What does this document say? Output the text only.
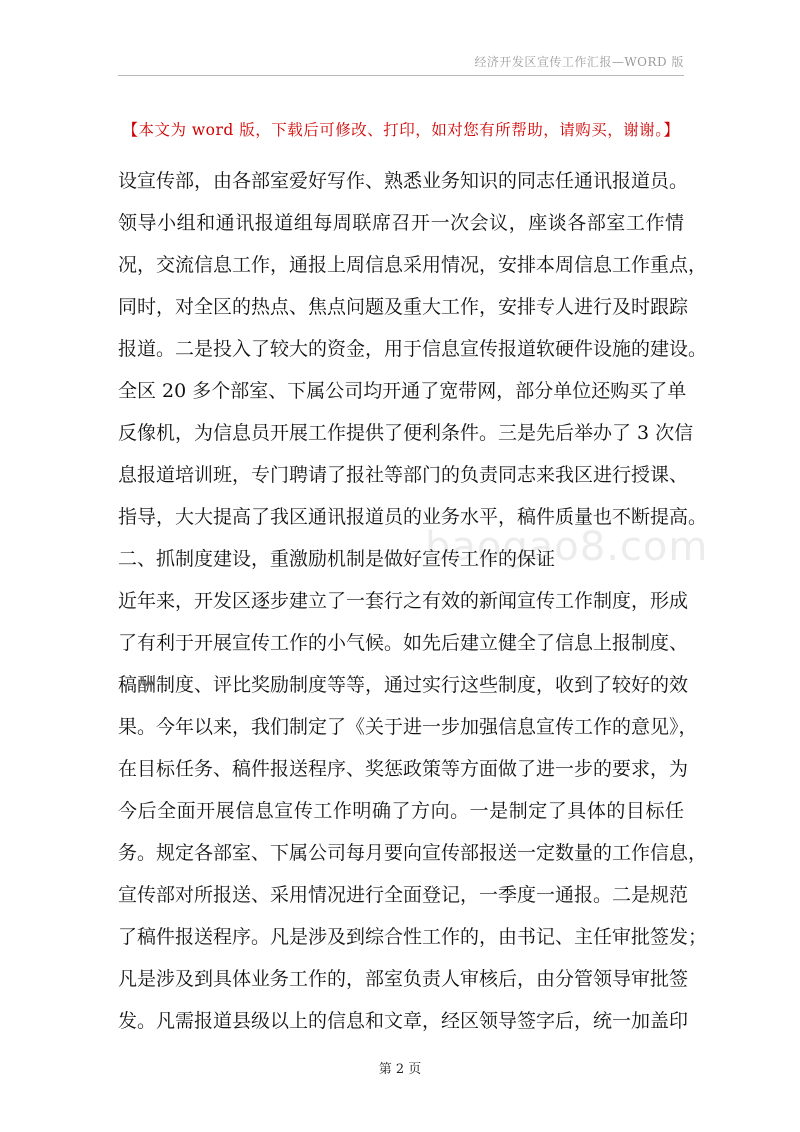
经济开发区宣传工作汇报—WORD 版
【本文为 word 版，下载后可修改、打印，如对您有所帮助，请购买，谢谢。】
baogao8.com
设宣传部，由各部室爱好写作、熟悉业务知识的同志任通讯报道员。
领导小组和通讯报道组每周联席召开一次会议，座谈各部室工作情
况，交流信息工作，通报上周信息采用情况，安排本周信息工作重点，
同时，对全区的热点、焦点问题及重大工作，安排专人进行及时跟踪
报道。二是投入了较大的资金，用于信息宣传报道软硬件设施的建设。
全区 20 多个部室、下属公司均开通了宽带网，部分单位还购买了单
反像机，为信息员开展工作提供了便利条件。三是先后举办了 3 次信
息报道培训班，专门聘请了报社等部门的负责同志来我区进行授课、
指导，大大提高了我区通讯报道员的业务水平，稿件质量也不断提高。
二、抓制度建设，重激励机制是做好宣传工作的保证
近年来，开发区逐步建立了一套行之有效的新闻宣传工作制度，形成
了有利于开展宣传工作的小气候。如先后建立健全了信息上报制度、
稿酬制度、评比奖励制度等等，通过实行这些制度，收到了较好的效
果。今年以来，我们制定了《关于进一步加强信息宣传工作的意见》，
在目标任务、稿件报送程序、奖惩政策等方面做了进一步的要求，为
今后全面开展信息宣传工作明确了方向。一是制定了具体的目标任
务。规定各部室、下属公司每月要向宣传部报送一定数量的工作信息，
宣传部对所报送、采用情况进行全面登记，一季度一通报。二是规范
了稿件报送程序。凡是涉及到综合性工作的，由书记、主任审批签发；
凡是涉及到具体业务工作的，部室负责人审核后，由分管领导审批签
发。凡需报道县级以上的信息和文章，经区领导签字后，统一加盖印
第 2 页
